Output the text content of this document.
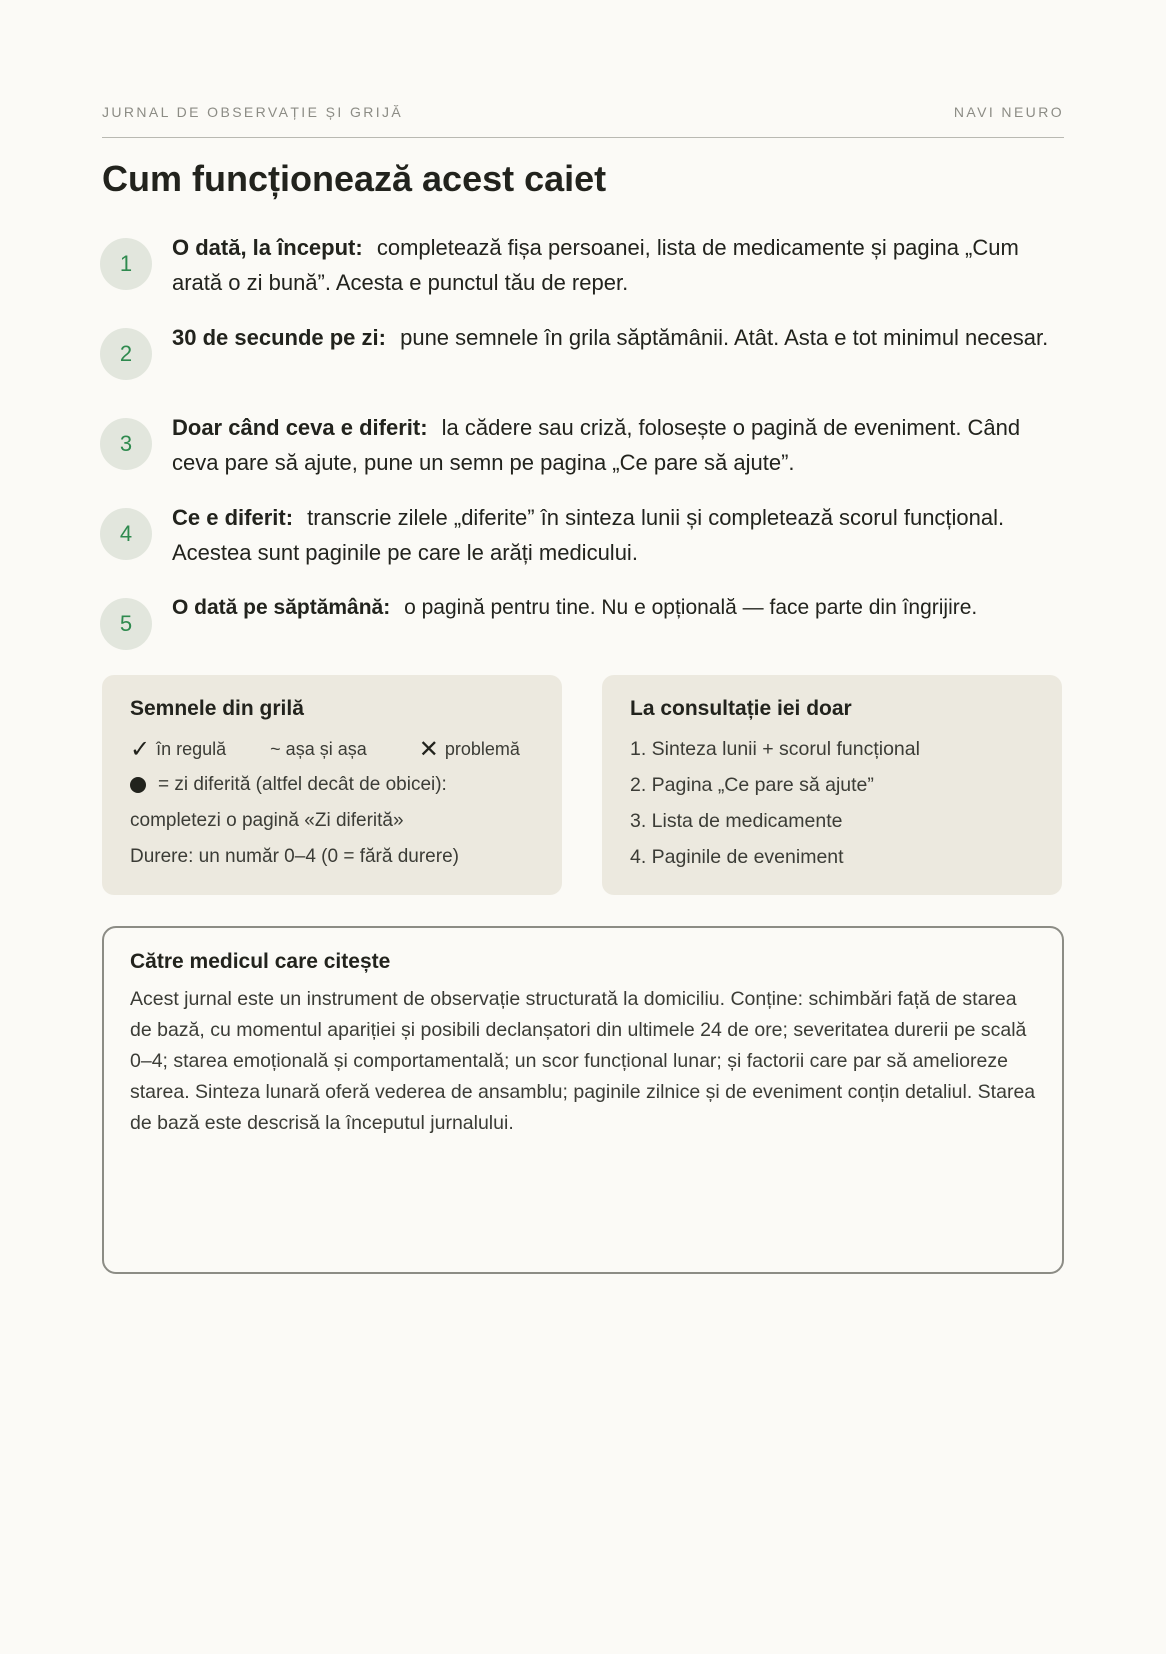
JURNAL DE OBSERVAȚIE ȘI GRIJĂ	NAVI NEURO
Cum funcționează acest caiet
1
O dată, la început: completează fișa persoanei, lista de medicamente și pagina „Cum arată o zi bună”. Acesta e punctul tău de reper.
2
30 de secunde pe zi: pune semnele în grila săptămânii. Atât. Asta e tot minimul necesar.
3
Doar când ceva e diferit: la cădere sau criză, folosește o pagină de eveniment. Când ceva pare să ajute, pune un semn pe pagina „Ce pare să ajute”.
4
Ce e diferit: transcrie zilele „diferite” în sinteza lunii și completează scorul funcțional. Acestea sunt paginile pe care le arăți medicului.
5
O dată pe săptămână: o pagină pentru tine. Nu e opțională — face parte din îngrijire.
Semnele din grilă
✓ în regulă ~ așa și așa ✕ problemă
= zi diferită (altfel decât de obicei):
completezi o pagină «Zi diferită»
Durere: un număr 0–4 (0 = fără durere)
La consultație iei doar
1. Sinteza lunii + scorul funcțional
2. Pagina „Ce pare să ajute”
3. Lista de medicamente
4. Paginile de eveniment
Către medicul care citește

Acest jurnal este un instrument de observație structurată la domiciliu. Conține: schimbări față de starea de bază, cu momentul apariției și posibili declanșatori din ultimele 24 de ore; severitatea durerii pe scală 0–4; starea emoțională și comportamentală; un scor funcțional lunar; și factorii care par să amelioreze starea. Sinteza lunară oferă vederea de ansamblu; paginile zilnice și de eveniment conțin detaliul. Starea de bază este descrisă la începutul jurnalului.
